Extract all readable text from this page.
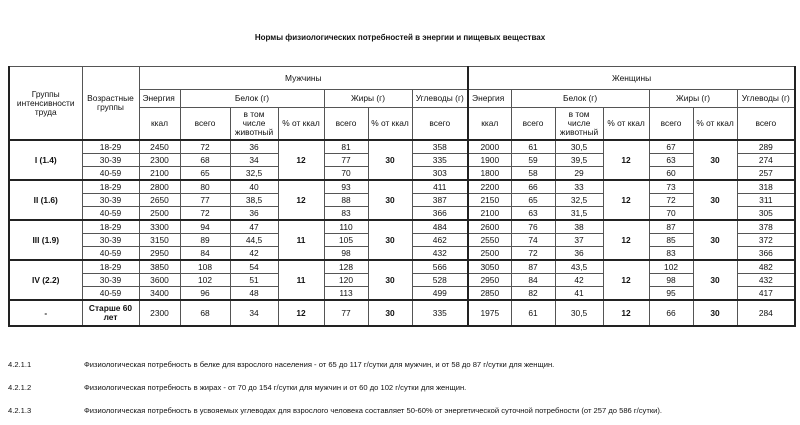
Нормы физиологических потребностей в энергии и пищевых веществах
Группы интенсивности труда	Возрастные группы	Мужчины							Женщины						
		Энергия	Белок (г)			Жиры (г)		Углеводы (г)	Энергия	Белок (г)			Жиры (г)		Углеводы (г)
		ккал	всего	в том числе животный	% от ккал	всего	% от ккал	всего	ккал	всего	в том числе животный	% от ккал	всего	% от ккал	всего
I (1.4)	18-29	2450	72	36	12	81	30	358	2000	61	30,5	12	67	30	289
	30-39	2300	68	34		77		335	1900	59	39,5		63		274
	40-59	2100	65	32,5		70		303	1800	58	29		60		257
II (1.6)	18-29	2800	80	40	12	93	30	411	2200	66	33	12	73	30	318
	30-39	2650	77	38,5		88		387	2150	65	32,5		72		311
	40-59	2500	72	36		83		366	2100	63	31,5		70		305
III (1.9)	18-29	3300	94	47	11	110	30	484	2600	76	38	12	87	30	378
	30-39	3150	89	44,5		105		462	2550	74	37		85		372
	40-59	2950	84	42		98		432	2500	72	36		83		366
IV (2.2)	18-29	3850	108	54	11	128	30	566	3050	87	43,5	12	102	30	482
	30-39	3600	102	51		120		528	2950	84	42		98		432
	40-59	3400	96	48		113		499	2850	82	41		95		417
-	Старше 60 лет	2300	68	34	12	77	30	335	1975	61	30,5	12	66	30	284
4.2.1.1	Физиологическая потребность в белке для взрослого населения - от 65 до 117 г/сутки для мужчин, и от 58 до 87 г/сутки для женщин.
4.2.1.2	Физиологическая потребность в жирах - от 70 до 154 г/сутки для мужчин и от 60 до 102 г/сутки для женщин.
4.2.1.3	Физиологическая потребность в усвояемых углеводах для взрослого человека составляет 50-60% от энергетической суточной потребности (от 257 до 586 г/сутки).
